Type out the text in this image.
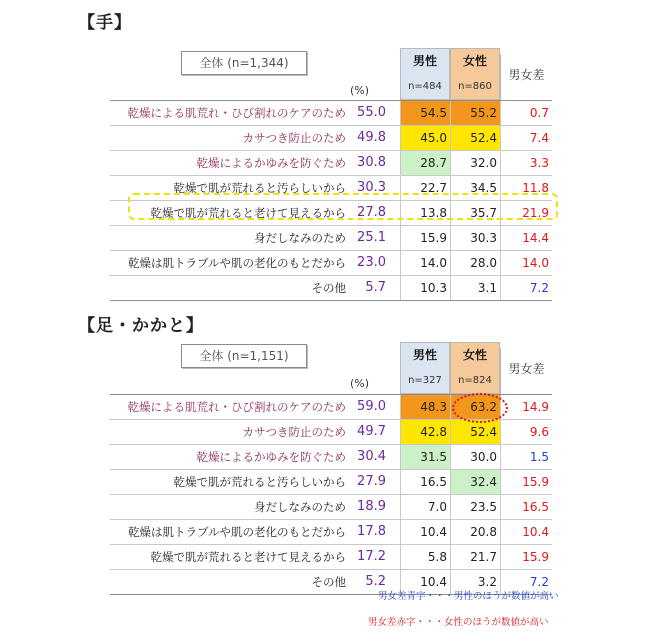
【手】
全体 (n=1,344)
(%)
男性
n=484
女性
n=860
男女差
乾燥による肌荒れ・ひび割れのケアのため 55.0	54.5	55.2	0.7
カサつき防止のため 49.8	45.0	52.4	7.4
乾燥によるかゆみを防ぐため 30.8	28.7	32.0	3.3
乾燥で肌が荒れると汚らしいから 30.3	22.7	34.5	11.8
乾燥で肌が荒れると老けて見えるから 27.8	13.8	35.7	21.9
身だしなみのため 25.1	15.9	30.3	14.4
乾燥は肌トラブルや肌の老化のもとだから 23.0	14.0	28.0	14.0
その他	5.7	10.3	3.1	7.2
【足・かかと】
全体 (n=1,151)
(%)
男性
n=327
女性
n=824
男女差
乾燥による肌荒れ・ひび割れのケアのため 59.0	48.3	63.2	14.9
カサつき防止のため 49.7	42.8	52.4	9.6
乾燥によるかゆみを防ぐため 30.4	31.5	30.0	1.5
乾燥で肌が荒れると汚らしいから 27.9	16.5	32.4	15.9
身だしなみのため 18.9	7.0	23.5	16.5
乾燥は肌トラブルや肌の老化のもとだから 17.8	10.4	20.8	10.4
乾燥で肌が荒れると老けて見えるから 17.2	5.8	21.7	15.9
その他	5.2	10.4	3.2	7.2
男女差青字・・・男性のほうが数値が高い
男女差赤字・・・女性のほうが数値が高い
